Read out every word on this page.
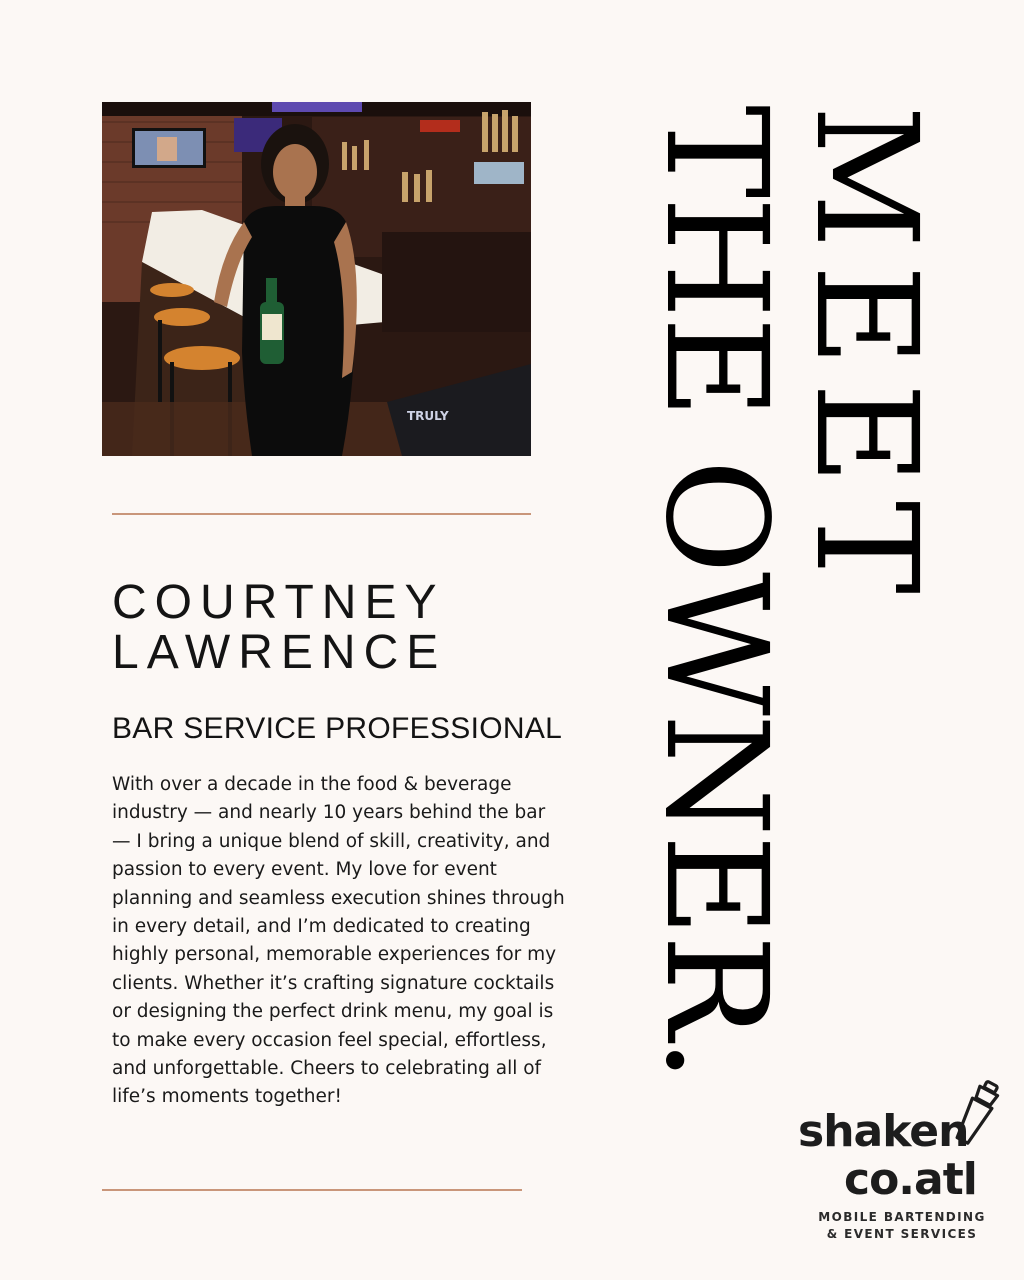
TRULY
COURTNEY
LAWRENCE
BAR SERVICE PROFESSIONAL

With over a decade in the food & beverage industry — and nearly 10 years behind the bar — I bring a unique blend of skill, creativity, and passion to every event. My love for event planning and seamless execution shines through in every detail, and I’m dedicated to creating highly personal, memorable experiences for my clients. Whether it’s crafting signature cocktails or designing the perfect drink menu, my goal is to make every occasion feel special, effortless, and unforgettable. Cheers to celebrating all of life’s moments together!

MEET
THE OWNER.
shaken
co.atl
MOBILE BARTENDING
& EVENT SERVICES
